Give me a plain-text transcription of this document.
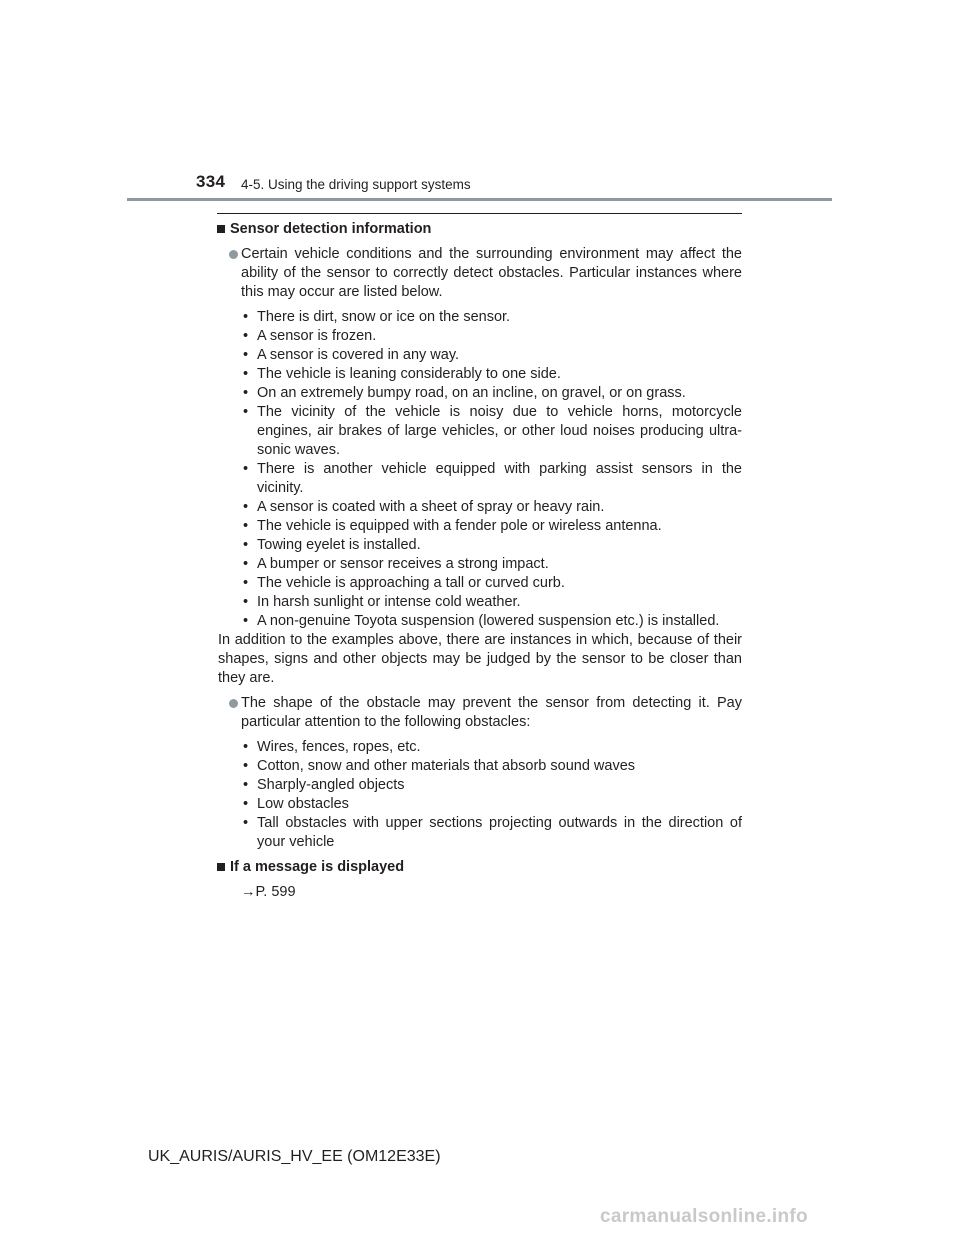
334 4-5. Using the driving support systems

Sensor detection information

Certain vehicle conditions and the surrounding environment may affect the ability of the sensor to correctly detect obstacles. Particular instances where this may occur are listed below.

• There is dirt, snow or ice on the sensor.
• A sensor is frozen.
• A sensor is covered in any way.
• The vehicle is leaning considerably to one side.
• On an extremely bumpy road, on an incline, on gravel, or on grass.
• The vicinity of the vehicle is noisy due to vehicle horns, motorcycle engines, air brakes of large vehicles, or other loud noises producing ultra-sonic waves.
• There is another vehicle equipped with parking assist sensors in the vicinity.
• A sensor is coated with a sheet of spray or heavy rain.
• The vehicle is equipped with a fender pole or wireless antenna.
• Towing eyelet is installed.
• A bumper or sensor receives a strong impact.
• The vehicle is approaching a tall or curved curb.
• In harsh sunlight or intense cold weather.
• A non-genuine Toyota suspension (lowered suspension etc.) is installed.

In addition to the examples above, there are instances in which, because of their shapes, signs and other objects may be judged by the sensor to be closer than they are.

The shape of the obstacle may prevent the sensor from detecting it. Pay particular attention to the following obstacles:

• Wires, fences, ropes, etc.
• Cotton, snow and other materials that absorb sound waves
• Sharply-angled objects
• Low obstacles
• Tall obstacles with upper sections projecting outwards in the direction of your vehicle

If a message is displayed

→P. 599

UK_AURIS/AURIS_HV_EE (OM12E33E)
carmanualsonline.info
